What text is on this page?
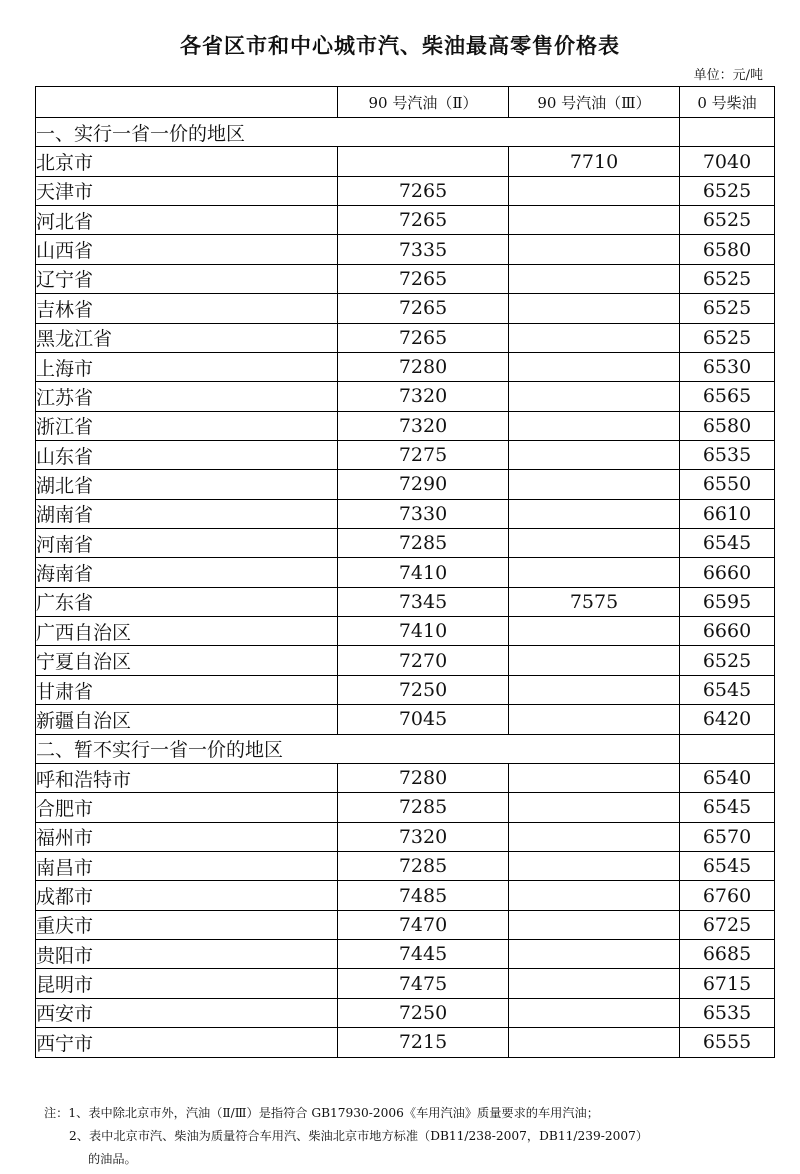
各省区市和中心城市汽、柴油最高零售价格表
单位：元/吨
	90 号汽油（Ⅱ）	90 号汽油（Ⅲ）	0 号柴油
一、实行一省一价的地区			
北京市		7710	7040
天津市	7265		6525
河北省	7265		6525
山西省	7335		6580
辽宁省	7265		6525
吉林省	7265		6525
黑龙江省	7265		6525
上海市	7280		6530
江苏省	7320		6565
浙江省	7320		6580
山东省	7275		6535
湖北省	7290		6550
湖南省	7330		6610
河南省	7285		6545
海南省	7410		6660
广东省	7345	7575	6595
广西自治区	7410		6660
宁夏自治区	7270		6525
甘肃省	7250		6545
新疆自治区	7045		6420
二、暂不实行一省一价的地区			
呼和浩特市	7280		6540
合肥市	7285		6545
福州市	7320		6570
南昌市	7285		6545
成都市	7485		6760
重庆市	7470		6725
贵阳市	7445		6685
昆明市	7475		6715
西安市	7250		6535
西宁市	7215		6555
注：1、表中除北京市外，汽油（Ⅱ/Ⅲ）是指符合 GB17930-2006《车用汽油》质量要求的车用汽油；
2、表中北京市汽、柴油为质量符合车用汽、柴油北京市地方标准（DB11/238-2007，DB11/239-2007）
的油品。
